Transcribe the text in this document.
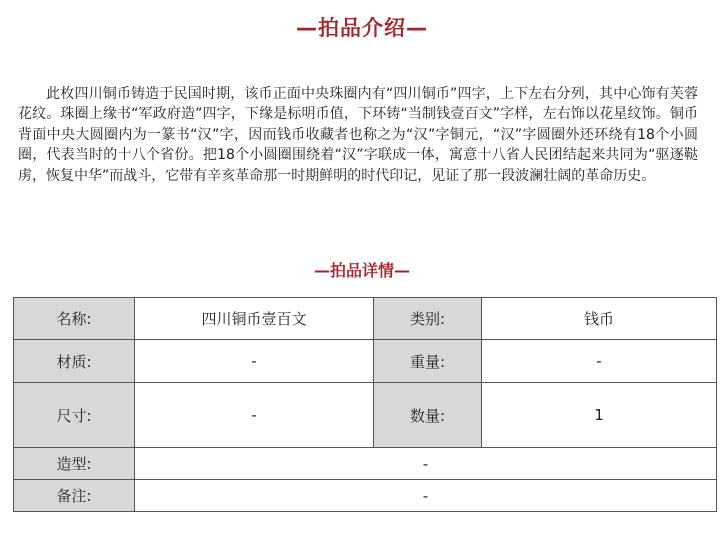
—拍品介绍—
  此枚四川铜币铸造于民国时期，该币正面中央珠圈内有“四川铜币”四字，上下左右分列，其中心饰有芙蓉花纹。珠圈上缘书“军政府造”四字，下缘是标明币值，下环铸“当制钱壹百文”字样，左右饰以花星纹饰。铜币背面中央大圆圈内为一篆书“汉”字，因而钱币收藏者也称之为“汉”字铜元，“汉”字圆圈外还环绕有18个小圆圈，代表当时的十八个省份。把18个小圆圈围绕着“汉”字联成一体，寓意十八省人民团结起来共同为“驱逐鞑虏，恢复中华”而战斗，它带有辛亥革命那一时期鲜明的时代印记，见证了那一段波澜壮阔的革命历史。
—拍品详情—
名称:	四川铜币壹百文	类别:	钱币
材质:	-	重量:	-
尺寸:	-	数量:	1
造型:	-		
备注:	-		
